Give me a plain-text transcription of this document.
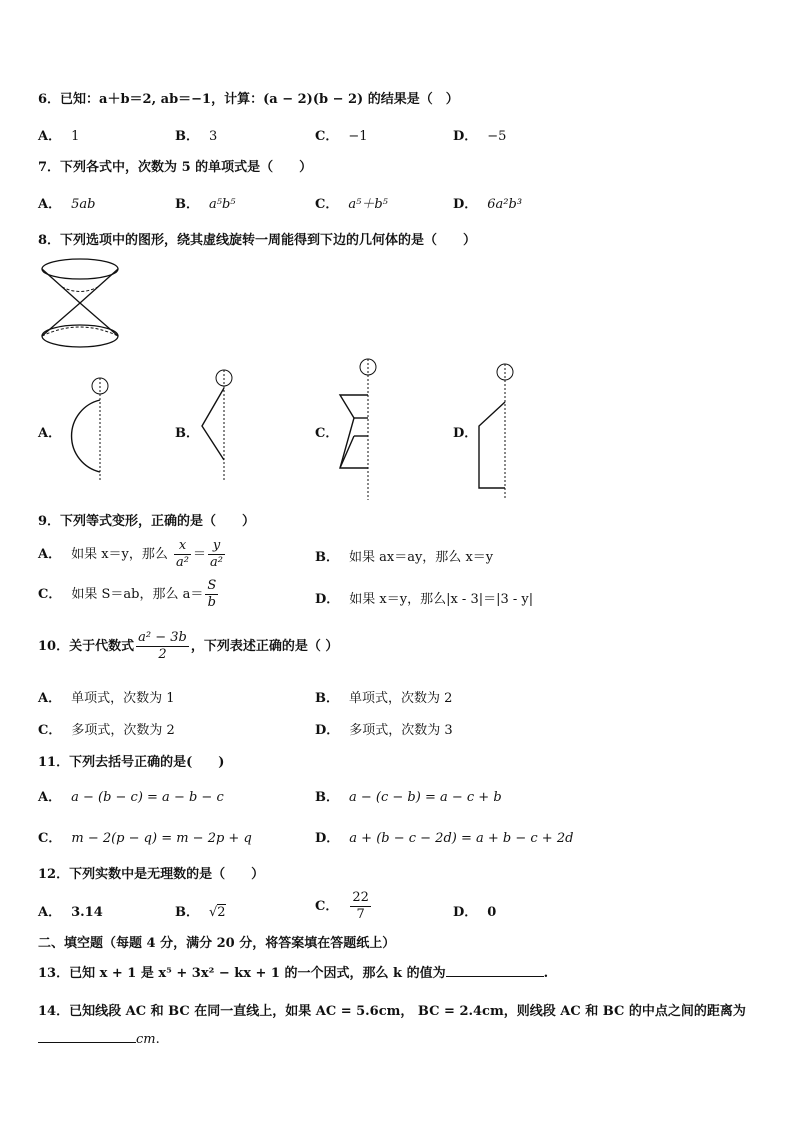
6．已知：a＋b＝2, ab＝−1，计算：(a − 2)(b − 2) 的结果是（　）
A． 1	B． 3	C． −1	D． −5
7．下列各式中，次数为 5 的单项式是（　　）
A． 5ab	B． a⁵b⁵	C． a⁵＋b⁵	D． 6a²b³
8．下列选项中的图形，绕其虚线旋转一周能得到下边的几何体的是（　　）
A．	B．	C．	D．
9．下列等式变形，正确的是（　　）
A． 如果 x＝y，那么 $\frac{x}{\text{a²}} = \frac{y}{\text{a²}}$	B． 如果 ax＝ay，那么 x＝y
C． 如果 S＝ab，那么 $a= \frac{S}{b}$	D． 如果 x＝y，那么|x - 3|＝|3 - y|
10．关于代数式 $\frac{\text{a² − 3b}}{2}$ ，下列表述正确的是（ ）
A． 单项式，次数为 1	B． 单项式，次数为 2
C． 多项式，次数为 2	D． 多项式，次数为 3
11．下列去括号正确的是(　　)
A． a − (b − c) = a − b − c	B． a − (c − b) = a − c + b
C． m − 2(p − q) = m − 2p + q	D． a + (b − c − 2d) = a + b − c + 2d
12．下列实数中是无理数的是（　　）
A． 3.14	B． √2	C． $\frac{22}{7}$	D． 0
二、填空题（每题 4 分，满分 20 分，将答案填在答题纸上）
13．已知 x + 1 是 x⁵ + 3x² − kx + 1 的一个因式，那么 k 的值为	.
14．已知线段 AC 和 BC 在同一直线上，如果 AC = 5.6cm， BC = 2.4cm，则线段 AC 和 BC 的中点之间的距离为
cm.
